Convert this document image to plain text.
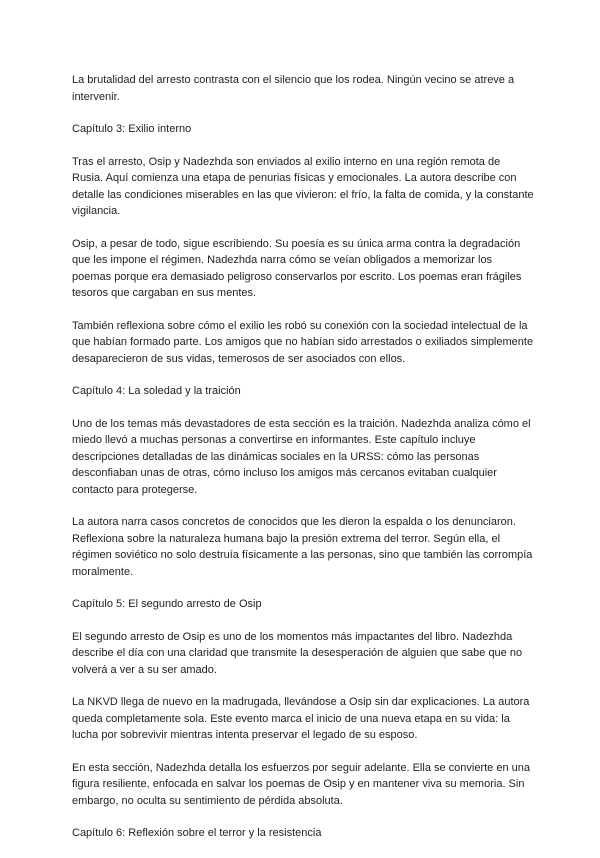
La brutalidad del arresto contrasta con el silencio que los rodea. Ningún vecino se atreve a intervenir.

Capítulo 3: Exilio interno

Tras el arresto, Osip y Nadezhda son enviados al exilio interno en una región remota de Rusia. Aquí comienza una etapa de penurias físicas y emocionales. La autora describe con detalle las condiciones miserables en las que vivieron: el frío, la falta de comida, y la constante vigilancia.

Osip, a pesar de todo, sigue escribiendo. Su poesía es su única arma contra la degradación que les impone el régimen. Nadezhda narra cómo se veían obligados a memorizar los poemas porque era demasiado peligroso conservarlos por escrito. Los poemas eran frágiles tesoros que cargaban en sus mentes.

También reflexiona sobre cómo el exilio les robó su conexión con la sociedad intelectual de la que habían formado parte. Los amigos que no habían sido arrestados o exiliados simplemente desaparecieron de sus vidas, temerosos de ser asociados con ellos.

Capítulo 4: La soledad y la traición

Uno de los temas más devastadores de esta sección es la traición. Nadezhda analiza cómo el miedo llevó a muchas personas a convertirse en informantes. Este capítulo incluye descripciones detalladas de las dinámicas sociales en la URSS: cómo las personas desconfiaban unas de otras, cómo incluso los amigos más cercanos evitaban cualquier contacto para protegerse.

La autora narra casos concretos de conocidos que les dieron la espalda o los denunciaron. Reflexiona sobre la naturaleza humana bajo la presión extrema del terror. Según ella, el régimen soviético no solo destruía físicamente a las personas, sino que también las corrompía moralmente.

Capítulo 5: El segundo arresto de Osip

El segundo arresto de Osip es uno de los momentos más impactantes del libro. Nadezhda describe el día con una claridad que transmite la desesperación de alguien que sabe que no volverá a ver a su ser amado.

La NKVD llega de nuevo en la madrugada, llevándose a Osip sin dar explicaciones. La autora queda completamente sola. Este evento marca el inicio de una nueva etapa en su vida: la lucha por sobrevivir mientras intenta preservar el legado de su esposo.

En esta sección, Nadezhda detalla los esfuerzos por seguir adelante. Ella se convierte en una figura resiliente, enfocada en salvar los poemas de Osip y en mantener viva su memoria. Sin embargo, no oculta su sentimiento de pérdida absoluta.

Capítulo 6: Reflexión sobre el terror y la resistencia
